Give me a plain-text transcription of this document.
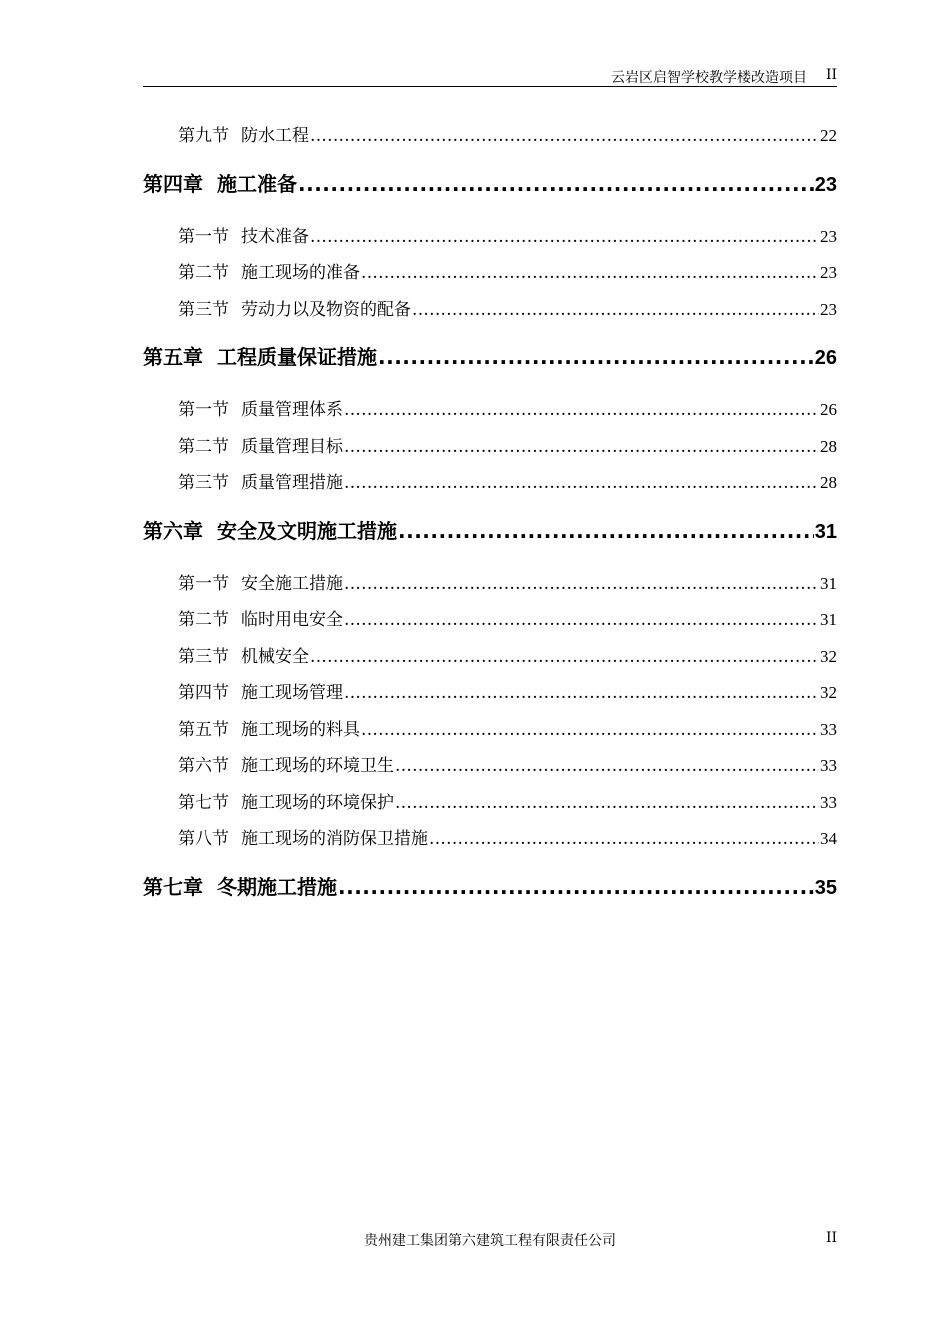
云岩区启智学校教学楼改造项目 II
第九节 防水工程 .....	22
第四章 施工准备 .....	23
第一节 技术准备 .....	23
第二节 施工现场的准备 .....	23
第三节 劳动力以及物资的配备 .....	23
第五章 工程质量保证措施 .....	26
第一节 质量管理体系 .....	26
第二节 质量管理目标 .....	28
第三节 质量管理措施 .....	28
第六章 安全及文明施工措施 .....	31
第一节 安全施工措施 .....	31
第二节 临时用电安全 .....	31
第三节 机械安全 .....	32
第四节 施工现场管理 .....	32
第五节 施工现场的料具 .....	33
第六节 施工现场的环境卫生 .....	33
第七节 施工现场的环境保护 .....	33
第八节 施工现场的消防保卫措施 .....	34
第七章 冬期施工措施 .....	35
贵州建工集团第六建筑工程有限责任公司	II
